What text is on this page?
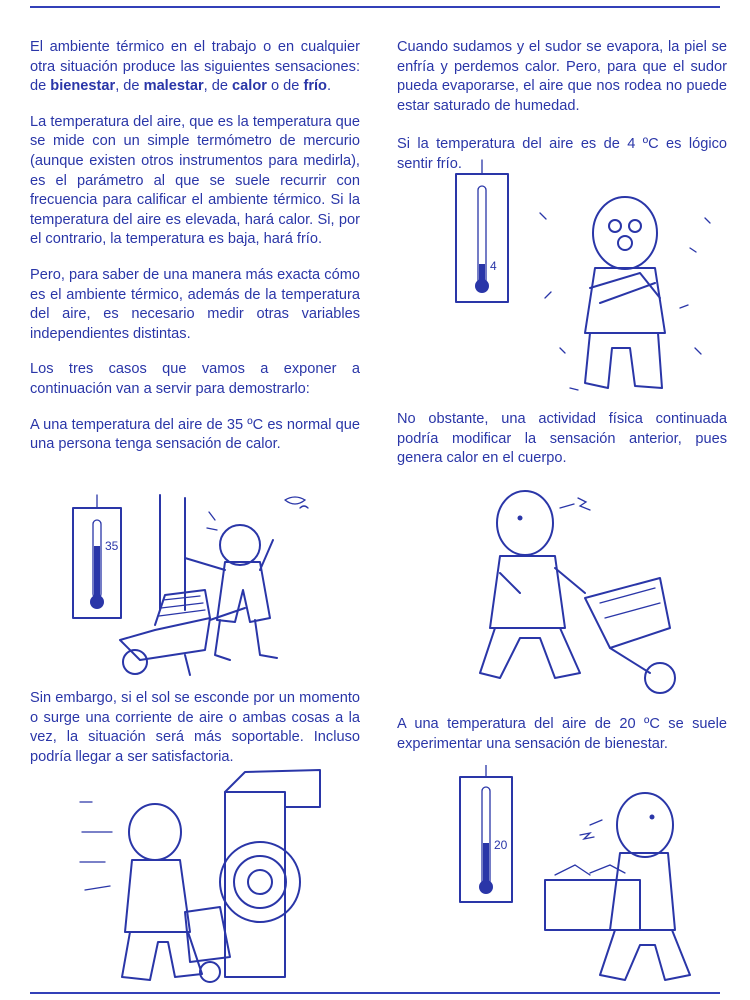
El ambiente térmico en el trabajo o en cualquier otra situación produce las siguientes sensaciones: de bienestar, de malestar, de calor o de frío.

La temperatura del aire, que es la temperatura que se mide con un simple termómetro de mercurio (aunque existen otros instrumentos para medirla), es el parámetro al que se suele recurrir con frecuencia para calificar el ambiente térmico. Si la temperatura del aire es elevada, hará calor. Si, por el contrario, la temperatura es baja, hará frío.

Pero, para saber de una manera más exacta cómo es el ambiente térmico, además de la temperatura del aire, es necesario medir otras variables independientes distintas.

Los tres casos que vamos a exponer a continuación van a servir para demostrarlo:

A una temperatura del aire de 35 ºC es normal que una persona tenga sensación de calor.

Sin embargo, si el sol se esconde por un momento o surge una corriente de aire o ambas cosas a la vez, la situación será más soportable. Incluso podría llegar a ser satisfactoria.

Cuando sudamos y el sudor se evapora, la piel se enfría y perdemos calor. Pero, para que el sudor pueda evaporarse, el aire que nos rodea no puede estar saturado de humedad.

Si la temperatura del aire es de 4 ºC es lógico sentir frío.

No obstante, una actividad física continuada podría modificar la sensación anterior, pues genera calor en el cuerpo.

A una temperatura del aire de 20 ºC se suele experimentar una sensación de bienestar.

35
4
20
